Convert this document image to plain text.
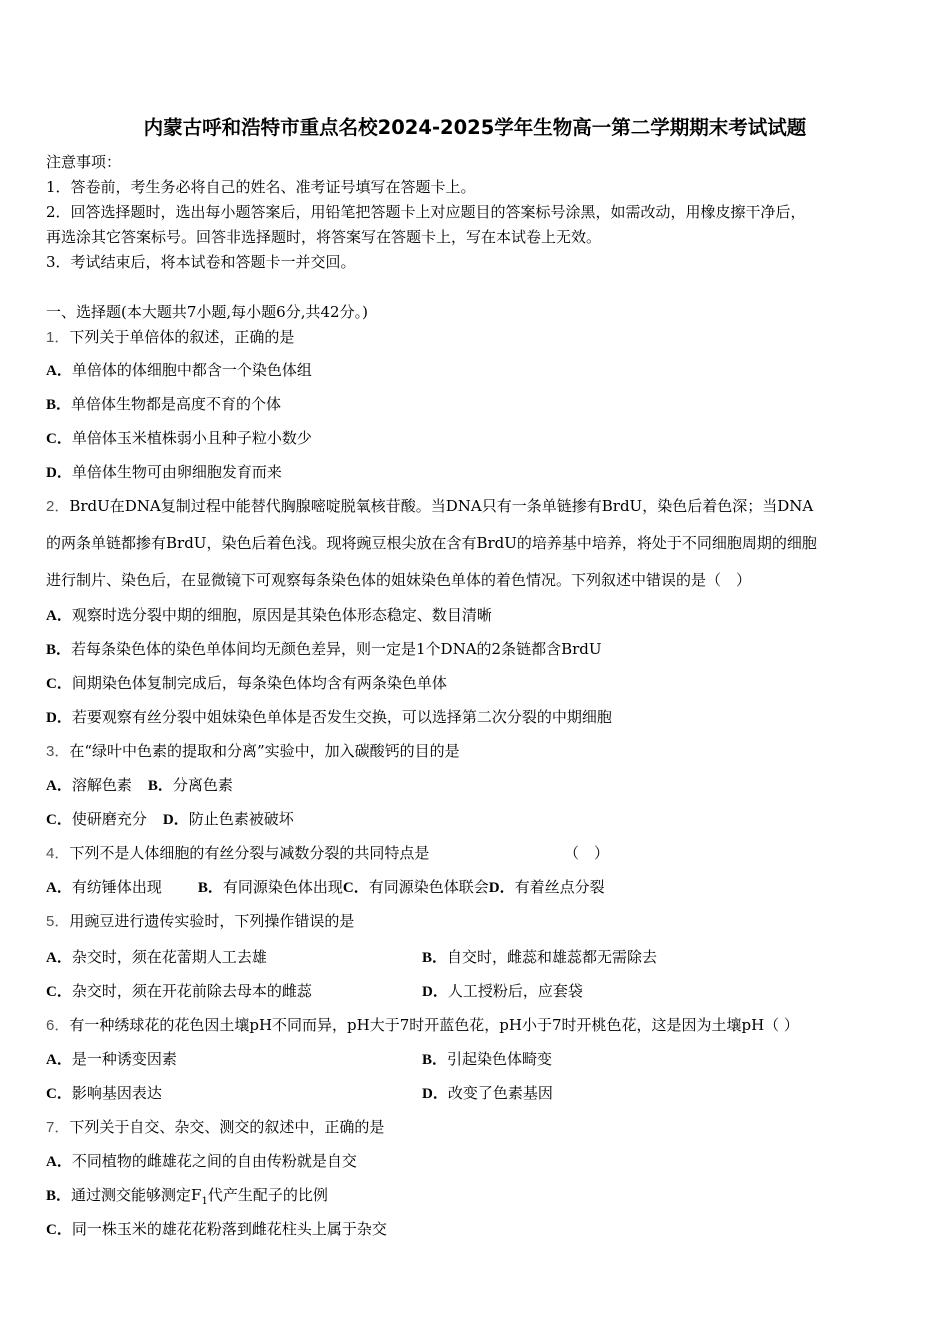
内蒙古呼和浩特市重点名校2024-2025学年生物高一第二学期期末考试试题
注意事项：
1．答卷前，考生务必将自己的姓名、准考证号填写在答题卡上。
2．回答选择题时，选出每小题答案后，用铅笔把答题卡上对应题目的答案标号涂黑，如需改动，用橡皮擦干净后，
再选涂其它答案标号。回答非选择题时，将答案写在答题卡上，写在本试卷上无效。
3．考试结束后，将本试卷和答题卡一并交回。
一、选择题(本大题共7小题,每小题6分,共42分。)
1．下列关于单倍体的叙述，正确的是
A．单倍体的体细胞中都含一个染色体组
B．单倍体生物都是高度不育的个体
C．单倍体玉米植株弱小且种子粒小数少
D．单倍体生物可由卵细胞发育而来
2．BrdU在DNA复制过程中能替代胸腺嘧啶脱氧核苷酸。当DNA只有一条单链掺有BrdU，染色后着色深；当DNA
的两条单链都掺有BrdU，染色后着色浅。现将豌豆根尖放在含有BrdU的培养基中培养，将处于不同细胞周期的细胞
进行制片、染色后，在显微镜下可观察每条染色体的姐妹染色单体的着色情况。下列叙述中错误的是（　）
A．观察时选分裂中期的细胞，原因是其染色体形态稳定、数目清晰
B．若每条染色体的染色单体间均无颜色差异，则一定是1个DNA的2条链都含BrdU
C．间期染色体复制完成后，每条染色体均含有两条染色单体
D．若要观察有丝分裂中姐妹染色单体是否发生交换，可以选择第二次分裂的中期细胞
3．在“绿叶中色素的提取和分离”实验中，加入碳酸钙的目的是
A．溶解色素 B．分离色素
C．使研磨充分 D．防止色素被破坏
4．下列不是人体细胞的有丝分裂与减数分裂的共同特点是	（　）
A．有纺锤体出现 B．有同源染色体出现C．有同源染色体联会D．有着丝点分裂
5．用豌豆进行遗传实验时，下列操作错误的是
A．杂交时，须在花蕾期人工去雄	B．自交时，雌蕊和雄蕊都无需除去
C．杂交时，须在开花前除去母本的雌蕊	D．人工授粉后，应套袋
6．有一种绣球花的花色因土壤pH不同而异，pH大于7时开蓝色花，pH小于7时开桃色花，这是因为土壤pH（ ）
A．是一种诱变因素	B．引起染色体畸变
C．影响基因表达	D．改变了色素基因
7．下列关于自交、杂交、测交的叙述中，正确的是
A．不同植物的雌雄花之间的自由传粉就是自交
B．通过测交能够测定$F_1$代产生配子的比例
C．同一株玉米的雄花花粉落到雌花柱头上属于杂交
